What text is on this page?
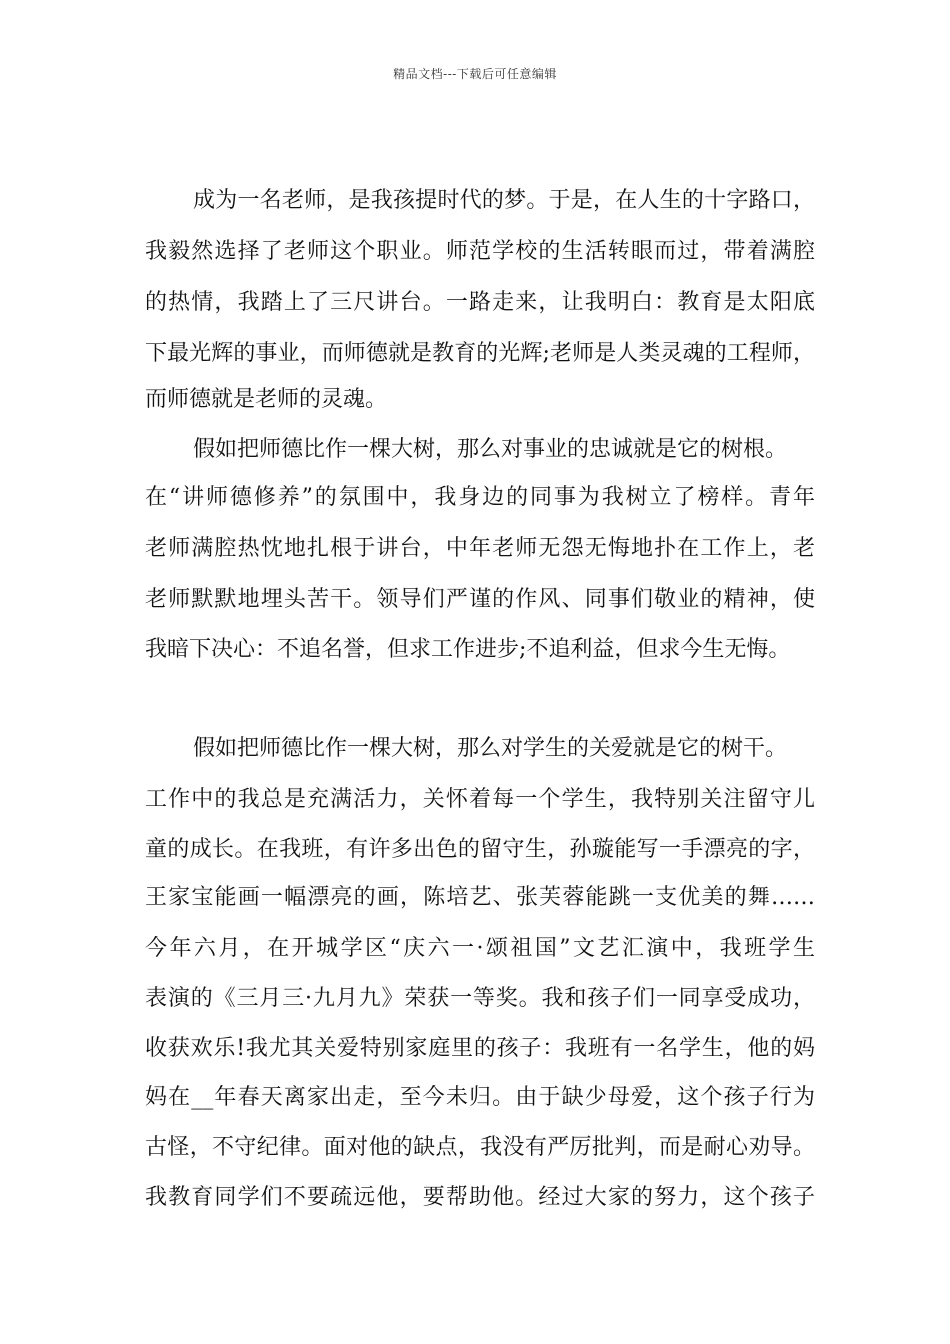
精品文档---下载后可任意编辑
成为一名老师，是我孩提时代的梦。于是，在人生的十字路口，
我毅然选择了老师这个职业。师范学校的生活转眼而过，带着满腔
的热情，我踏上了三尺讲台。一路走来，让我明白：教育是太阳底
下最光辉的事业，而师德就是教育的光辉;老师是人类灵魂的工程师，
而师德就是老师的灵魂。
假如把师德比作一棵大树，那么对事业的忠诚就是它的树根。
在“讲师德修养”的氛围中，我身边的同事为我树立了榜样。青年
老师满腔热忱地扎根于讲台，中年老师无怨无悔地扑在工作上，老
老师默默地埋头苦干。领导们严谨的作风、同事们敬业的精神，使
我暗下决心：不追名誉，但求工作进步;不追利益，但求今生无悔。
假如把师德比作一棵大树，那么对学生的关爱就是它的树干。
工作中的我总是充满活力，关怀着每一个学生，我特别关注留守儿
童的成长。在我班，有许多出色的留守生，孙璇能写一手漂亮的字，
王家宝能画一幅漂亮的画，陈培艺、张芙蓉能跳一支优美的舞……
今年六月，在开城学区“庆六一·颂祖国”文艺汇演中，我班学生
表演的《三月三·九月九》荣获一等奖。我和孩子们一同享受成功，
收获欢乐!我尤其关爱特别家庭里的孩子：我班有一名学生，他的妈
妈在__年春天离家出走，至今未归。由于缺少母爱，这个孩子行为
古怪，不守纪律。面对他的缺点，我没有严厉批判，而是耐心劝导。
我教育同学们不要疏远他，要帮助他。经过大家的努力，这个孩子
